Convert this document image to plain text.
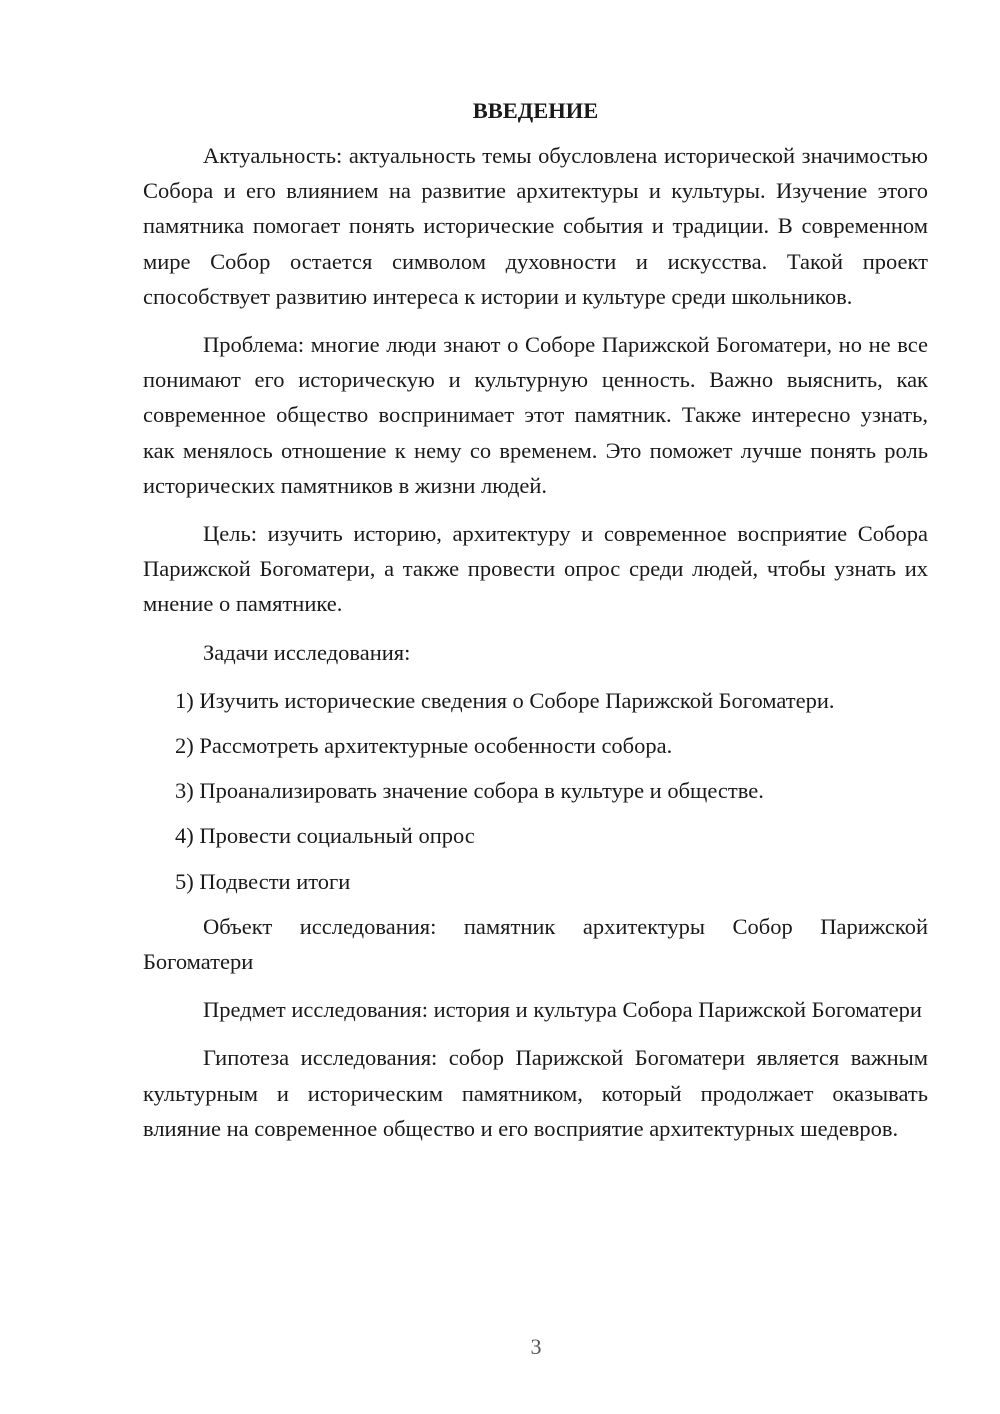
ВВЕДЕНИЕ

Актуальность: актуальность темы обусловлена исторической значимостью Собора и его влиянием на развитие архитектуры и культуры. Изучение этого памятника помогает понять исторические события и традиции. В современном мире Собор остается символом духовности и искусства. Такой проект способствует развитию интереса к истории и культуре среди школьников.

Проблема: многие люди знают о Соборе Парижской Богоматери, но не все понимают его историческую и культурную ценность. Важно выяснить, как современное общество воспринимает этот памятник. Также интересно узнать, как менялось отношение к нему со временем. Это поможет лучше понять роль исторических памятников в жизни людей.

Цель: изучить историю, архитектуру и современное восприятие Собора Парижской Богоматери, а также провести опрос среди людей, чтобы узнать их мнение о памятнике.

Задачи исследования:

1) Изучить исторические сведения о Соборе Парижской Богоматери.
2) Рассмотреть архитектурные особенности собора.
3) Проанализировать значение собора в культуре и обществе.
4) Провести социальный опрос
5) Подвести итоги

Объект исследования: памятник архитектуры Собор Парижской Богоматери

Предмет исследования: история и культура Собора Парижской Богоматери

Гипотеза исследования: собор Парижской Богоматери является важным культурным и историческим памятником, который продолжает оказывать влияние на современное общество и его восприятие архитектурных шедевров.

3
